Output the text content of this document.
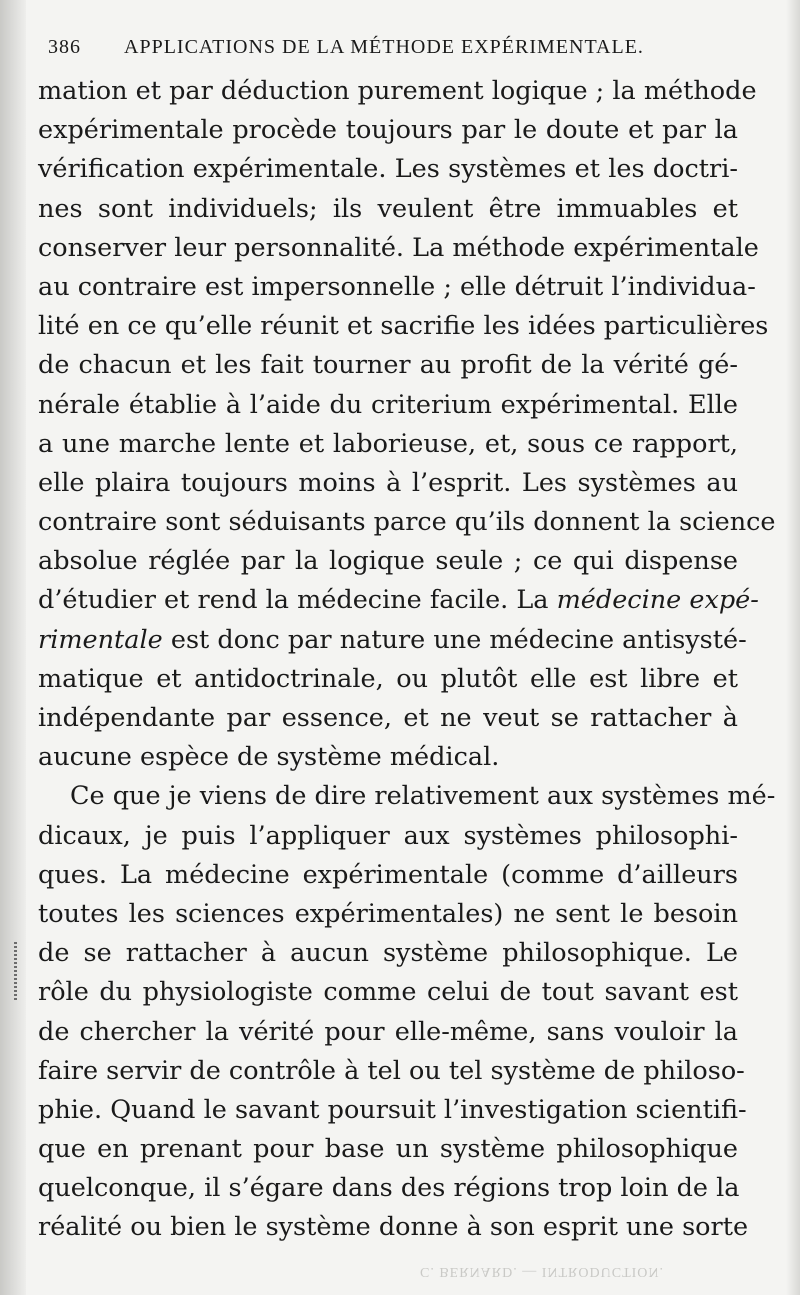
386 APPLICATIONS DE LA MÉTHODE EXPÉRIMENTALE.
mation et par déduction purement logique ; la méthode
expérimentale procède toujours par le doute et par la
vérification expérimentale. Les systèmes et les doctri-
nes sont individuels; ils veulent être immuables et
conserver leur personnalité. La méthode expérimentale
au contraire est impersonnelle ; elle détruit l’individua-
lité en ce qu’elle réunit et sacrifie les idées particulières
de chacun et les fait tourner au profit de la vérité gé-
nérale établie à l’aide du criterium expérimental. Elle
a une marche lente et laborieuse, et, sous ce rapport,
elle plaira toujours moins à l’esprit. Les systèmes au
contraire sont séduisants parce qu’ils donnent la science
absolue réglée par la logique seule ; ce qui dispense
d’étudier et rend la médecine facile. La médecine expé-
rimentale est donc par nature une médecine antisysté-
matique et antidoctrinale, ou plutôt elle est libre et
indépendante par essence, et ne veut se rattacher à
aucune espèce de système médical.
Ce que je viens de dire relativement aux systèmes mé-
dicaux, je puis l’appliquer aux systèmes philosophi-
ques. La médecine expérimentale (comme d’ailleurs
toutes les sciences expérimentales) ne sent le besoin
de se rattacher à aucun système philosophique. Le
rôle du physiologiste comme celui de tout savant est
de chercher la vérité pour elle-même, sans vouloir la
faire servir de contrôle à tel ou tel système de philoso-
phie. Quand le savant poursuit l’investigation scientifi-
que en prenant pour base un système philosophique
quelconque, il s’égare dans des régions trop loin de la
réalité ou bien le système donne à son esprit une sorte
C. BERNARD. — INTRODUCTION.
